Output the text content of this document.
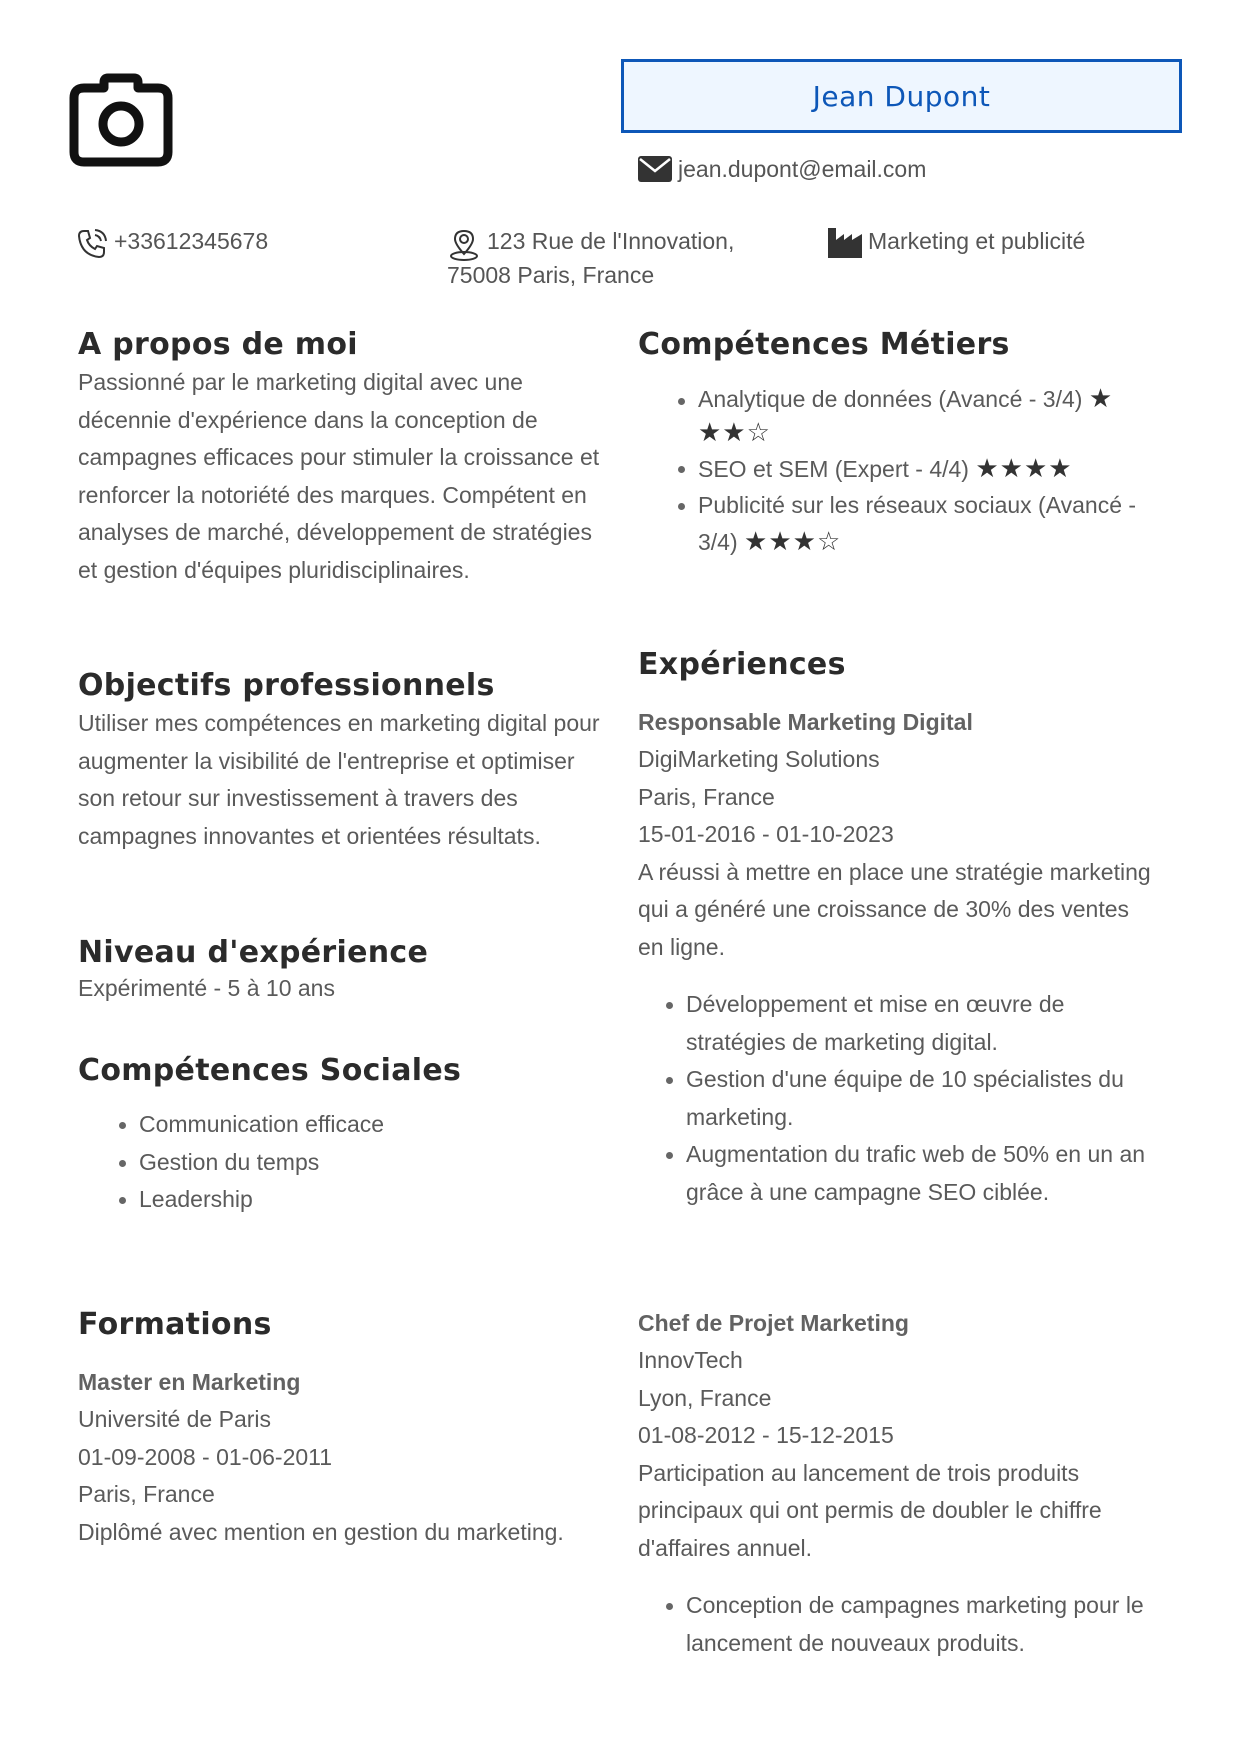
Jean Dupont
jean.dupont@email.com
+33612345678	123 Rue de l'Innovation,
75008 Paris, France
Marketing et publicité
A propos de moi

Passionné par le marketing digital avec une décennie d'expérience dans la conception de campagnes efficaces pour stimuler la croissance et renforcer la notoriété des marques. Compétent en analyses de marché, développement de stratégies et gestion d'équipes pluridisciplinaires.

Objectifs professionnels

Utiliser mes compétences en marketing digital pour augmenter la visibilité de l'entreprise et optimiser son retour sur investissement à travers des campagnes innovantes et orientées résultats.

Niveau d'expérience

Expérimenté - 5 à 10 ans

Compétences Sociales
Communication efficace
Gestion du temps
Leadership
Formations
Master en Marketing
Université de Paris
01-09-2008 - 01-06-2011
Paris, France
Diplômé avec mention en gestion du marketing.
Compétences Métiers
Analytique de données (Avancé - 3/4) ★ ★★☆
SEO et SEM (Expert - 4/4) ★★★★
Publicité sur les réseaux sociaux (Avancé - 3/4) ★★★☆
Expériences
Responsable Marketing Digital
DigiMarketing Solutions
Paris, France
15-01-2016 - 01-10-2023

A réussi à mettre en place une stratégie marketing qui a généré une croissance de 30% des ventes en ligne.

Développement et mise en œuvre de stratégies de marketing digital.
Gestion d'une équipe de 10 spécialistes du marketing.
Augmentation du trafic web de 50% en un an grâce à une campagne SEO ciblée.
Chef de Projet Marketing
InnovTech
Lyon, France
01-08-2012 - 15-12-2015

Participation au lancement de trois produits principaux qui ont permis de doubler le chiffre d'affaires annuel.

Conception de campagnes marketing pour le lancement de nouveaux produits.
